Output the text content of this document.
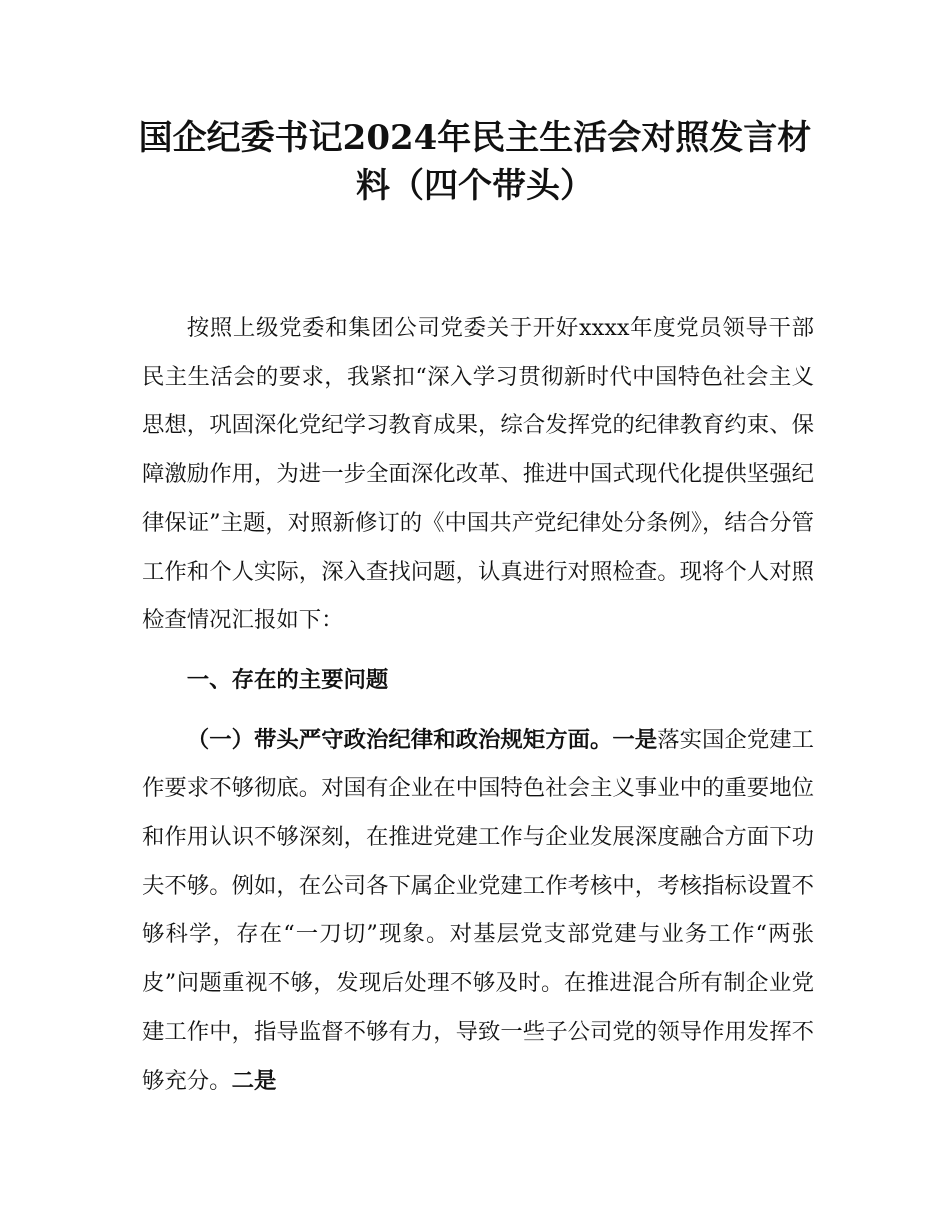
国企纪委书记2024年民主生活会对照发言材料（四个带头）

按照上级党委和集团公司党委关于开好xxxx年度党员领导干部民主生活会的要求，我紧扣“深入学习贯彻新时代中国特色社会主义思想，巩固深化党纪学习教育成果，综合发挥党的纪律教育约束、保障激励作用，为进一步全面深化改革、推进中国式现代化提供坚强纪律保证”主题，对照新修订的《中国共产党纪律处分条例》，结合分管工作和个人实际，深入查找问题，认真进行对照检查。现将个人对照检查情况汇报如下：

一、存在的主要问题

（一）带头严守政治纪律和政治规矩方面。一是落实国企党建工作要求不够彻底。对国有企业在中国特色社会主义事业中的重要地位和作用认识不够深刻，在推进党建工作与企业发展深度融合方面下功夫不够。例如，在公司各下属企业党建工作考核中，考核指标设置不够科学，存在“一刀切”现象。对基层党支部党建与业务工作“两张皮”问题重视不够，发现后处理不够及时。在推进混合所有制企业党建工作中，指导监督不够有力，导致一些子公司党的领导作用发挥不够充分。二是
